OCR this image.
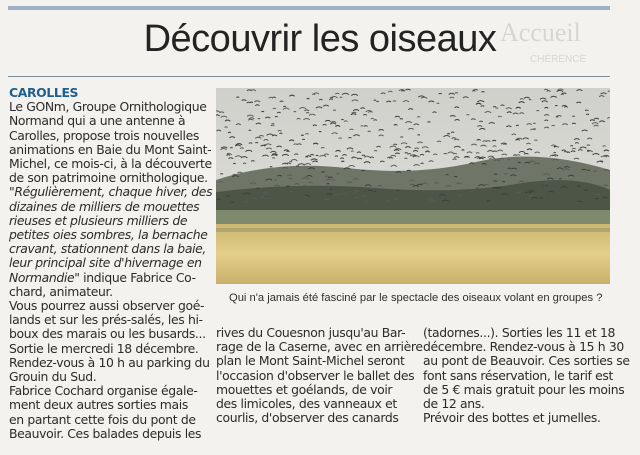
Accueil
CHÉRENCE
Découvrir les oiseaux

CAROLLES

Le GONm, Groupe Ornithologique

Normand qui a une antenne à

Carolles, propose trois nouvelles

animations en Baie du Mont Saint-

Michel, ce mois-ci, à la découverte

de son patrimoine ornithologique.

"Régulièrement, chaque hiver, des

dizaines de milliers de mouettes

rieuses et plusieurs milliers de

petites oies sombres, la bernache

cravant, stationnent dans la baie,

leur principal site d'hivernage en

Normandie" indique Fabrice Co-

chard, animateur.

Vous pourrez aussi observer goé-

lands et sur les prés-salés, les hi-

boux des marais ou les busards...

Sortie le mercredi 18 décembre.

Rendez-vous à 10 h au parking du

Grouin du Sud.

Fabrice Cochard organise égale-

ment deux autres sorties mais

en partant cette fois du pont de

Beauvoir. Ces balades depuis les

Qui n'a jamais été fasciné par le spectacle des oiseaux volant en groupes ?

rives du Couesnon jusqu'au Bar-

rage de la Caserne, avec en arrière

plan le Mont Saint-Michel seront

l'occasion d'observer le ballet des

mouettes et goélands, de voir

des limicoles, des vanneaux et

courlis, d'observer des canards

(tadornes...). Sorties les 11 et 18

décembre. Rendez-vous à 15 h 30

au pont de Beauvoir. Ces sorties se

font sans réservation, le tarif est

de 5 € mais gratuit pour les moins

de 12 ans.

Prévoir des bottes et jumelles.
